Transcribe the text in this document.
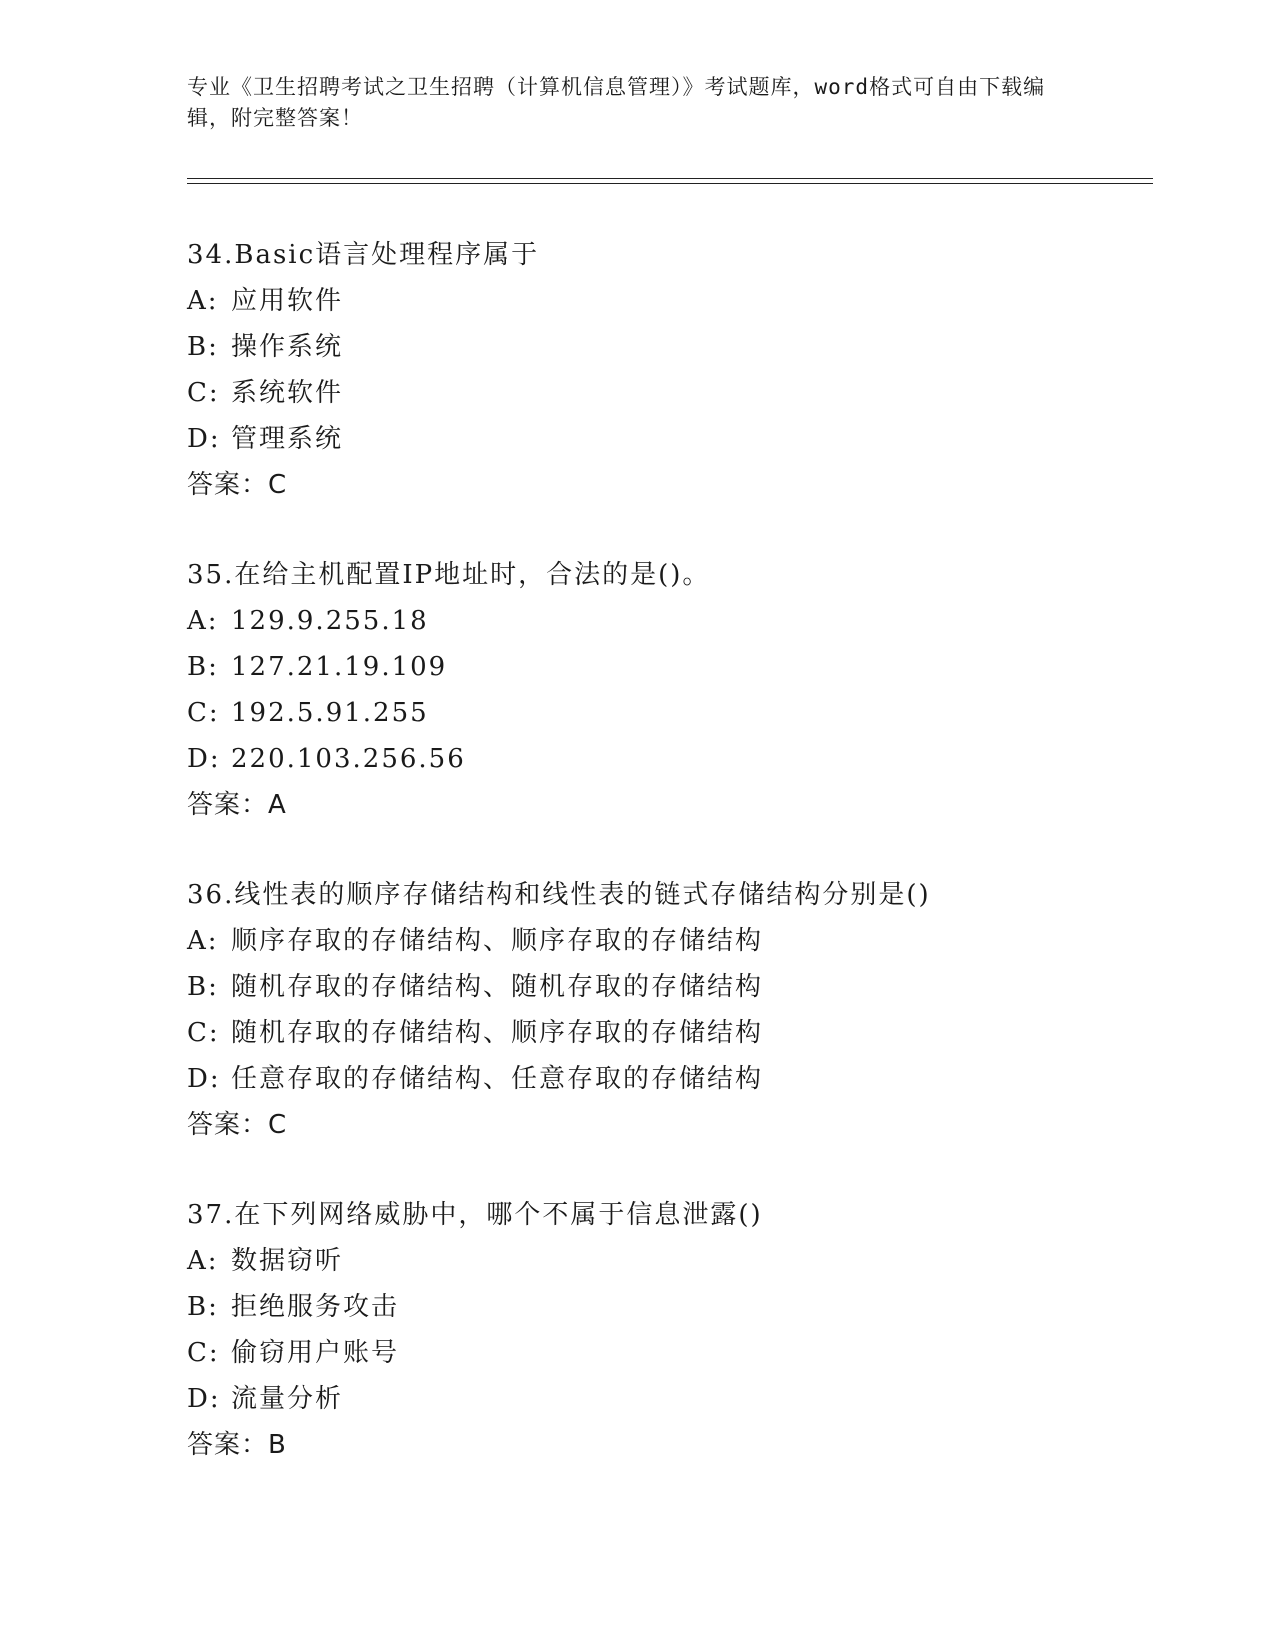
专业《卫生招聘考试之卫生招聘（计算机信息管理）》考试题库，word格式可自由下载编辑，附完整答案！
34.Basic语言处理程序属于
A: 应用软件
B: 操作系统
C: 系统软件
D: 管理系统
答案：C
35.在给主机配置IP地址时，合法的是()。
A: 129.9.255.18
B: 127.21.19.109
C: 192.5.91.255
D: 220.103.256.56
答案：A
36.线性表的顺序存储结构和线性表的链式存储结构分别是()
A: 顺序存取的存储结构、顺序存取的存储结构
B: 随机存取的存储结构、随机存取的存储结构
C: 随机存取的存储结构、顺序存取的存储结构
D: 任意存取的存储结构、任意存取的存储结构
答案：C
37.在下列网络威胁中，哪个不属于信息泄露()
A: 数据窃听
B: 拒绝服务攻击
C: 偷窃用户账号
D: 流量分析
答案：B
